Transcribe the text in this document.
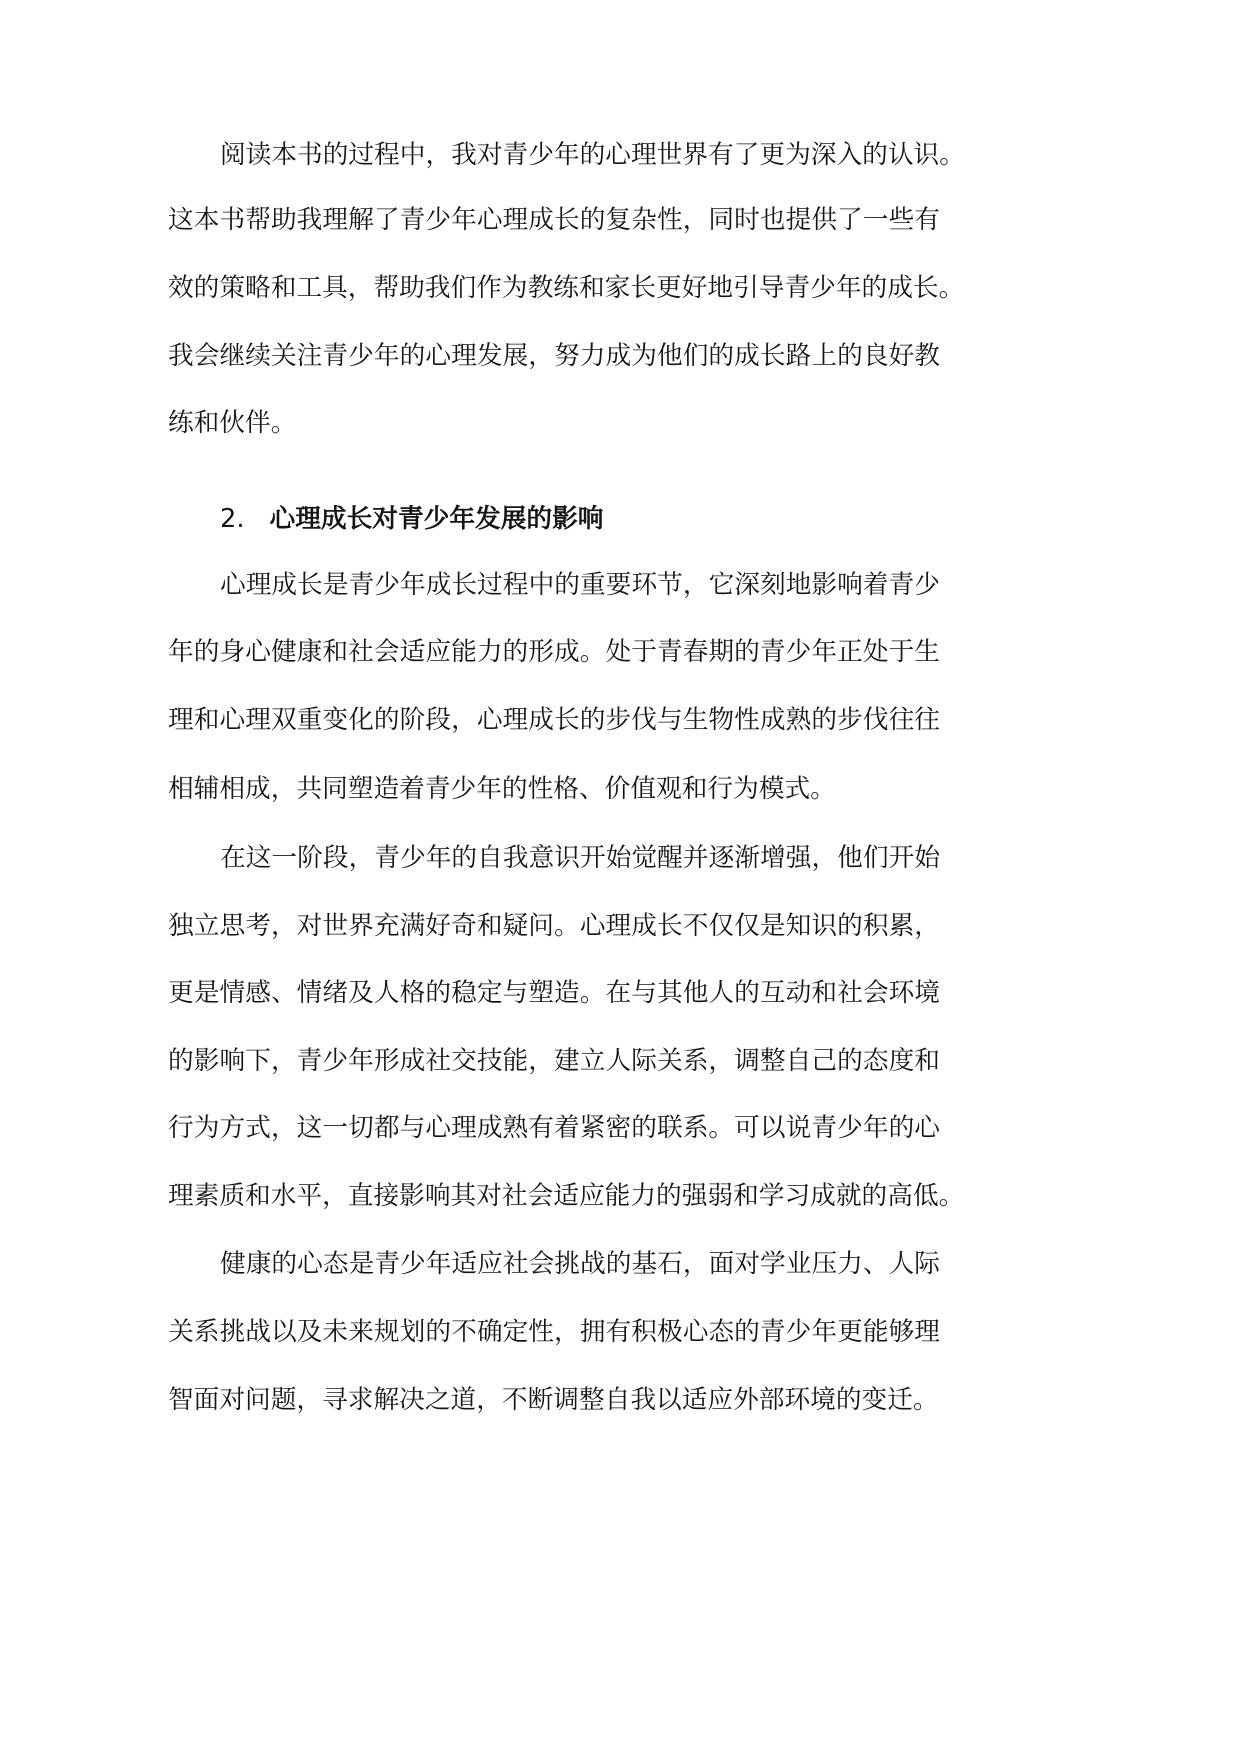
阅读本书的过程中，我对青少年的心理世界有了更为深入的认识。
这本书帮助我理解了青少年心理成长的复杂性，同时也提供了一些有
效的策略和工具，帮助我们作为教练和家长更好地引导青少年的成长。
我会继续关注青少年的心理发展，努力成为他们的成长路上的良好教
练和伙伴。
2. 心理成长对青少年发展的影响
心理成长是青少年成长过程中的重要环节，它深刻地影响着青少
年的身心健康和社会适应能力的形成。处于青春期的青少年正处于生
理和心理双重变化的阶段，心理成长的步伐与生物性成熟的步伐往往
相辅相成，共同塑造着青少年的性格、价值观和行为模式。
在这一阶段，青少年的自我意识开始觉醒并逐渐增强，他们开始
独立思考，对世界充满好奇和疑问。心理成长不仅仅是知识的积累，
更是情感、情绪及人格的稳定与塑造。在与其他人的互动和社会环境
的影响下，青少年形成社交技能，建立人际关系，调整自己的态度和
行为方式，这一切都与心理成熟有着紧密的联系。可以说青少年的心
理素质和水平，直接影响其对社会适应能力的强弱和学习成就的高低。
健康的心态是青少年适应社会挑战的基石，面对学业压力、人际
关系挑战以及未来规划的不确定性，拥有积极心态的青少年更能够理
智面对问题，寻求解决之道，不断调整自我以适应外部环境的变迁。
